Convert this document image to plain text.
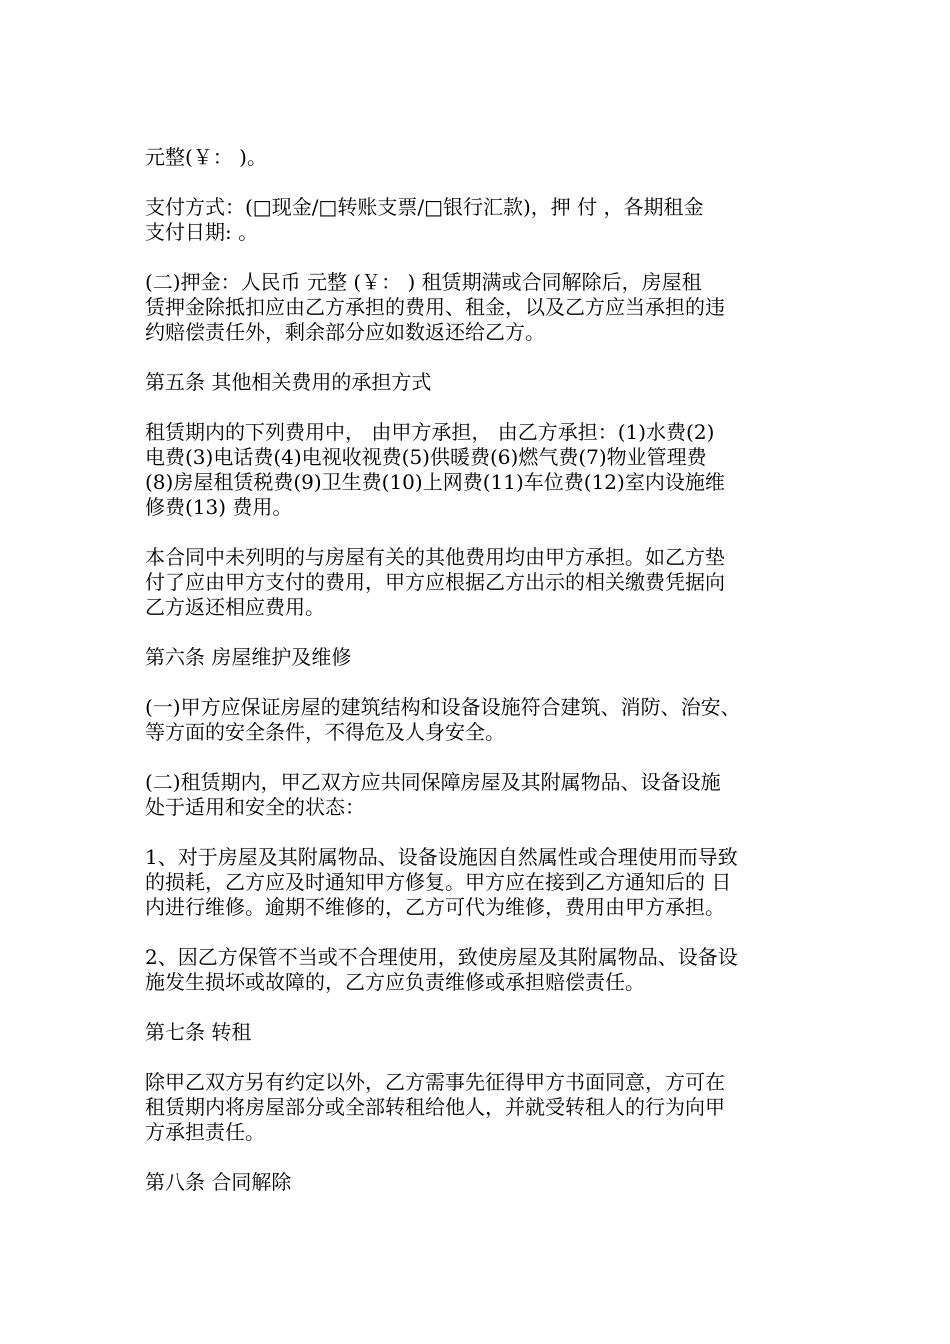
元整(￥： )。
支付方式：(□现金/□转账支票/□银行汇款)，押 付 ，各期租金
支付日期: 。
(二)押金：人民币 元整 (￥： ) 租赁期满或合同解除后，房屋租
赁押金除抵扣应由乙方承担的费用、租金，以及乙方应当承担的违
约赔偿责任外，剩余部分应如数返还给乙方。
第五条 其他相关费用的承担方式
租赁期内的下列费用中， 由甲方承担， 由乙方承担：(1)水费(2)
电费(3)电话费(4)电视收视费(5)供暖费(6)燃气费(7)物业管理费
(8)房屋租赁税费(9)卫生费(10)上网费(11)车位费(12)室内设施维
修费(13) 费用。
本合同中未列明的与房屋有关的其他费用均由甲方承担。如乙方垫
付了应由甲方支付的费用，甲方应根据乙方出示的相关缴费凭据向
乙方返还相应费用。
第六条 房屋维护及维修
(一)甲方应保证房屋的建筑结构和设备设施符合建筑、消防、治安、
等方面的安全条件，不得危及人身安全。
(二)租赁期内，甲乙双方应共同保障房屋及其附属物品、设备设施
处于适用和安全的状态：
1、对于房屋及其附属物品、设备设施因自然属性或合理使用而导致
的损耗，乙方应及时通知甲方修复。甲方应在接到乙方通知后的 日
内进行维修。逾期不维修的，乙方可代为维修，费用由甲方承担。
2、因乙方保管不当或不合理使用，致使房屋及其附属物品、设备设
施发生损坏或故障的，乙方应负责维修或承担赔偿责任。
第七条 转租
除甲乙双方另有约定以外，乙方需事先征得甲方书面同意，方可在
租赁期内将房屋部分或全部转租给他人，并就受转租人的行为向甲
方承担责任。
第八条 合同解除
